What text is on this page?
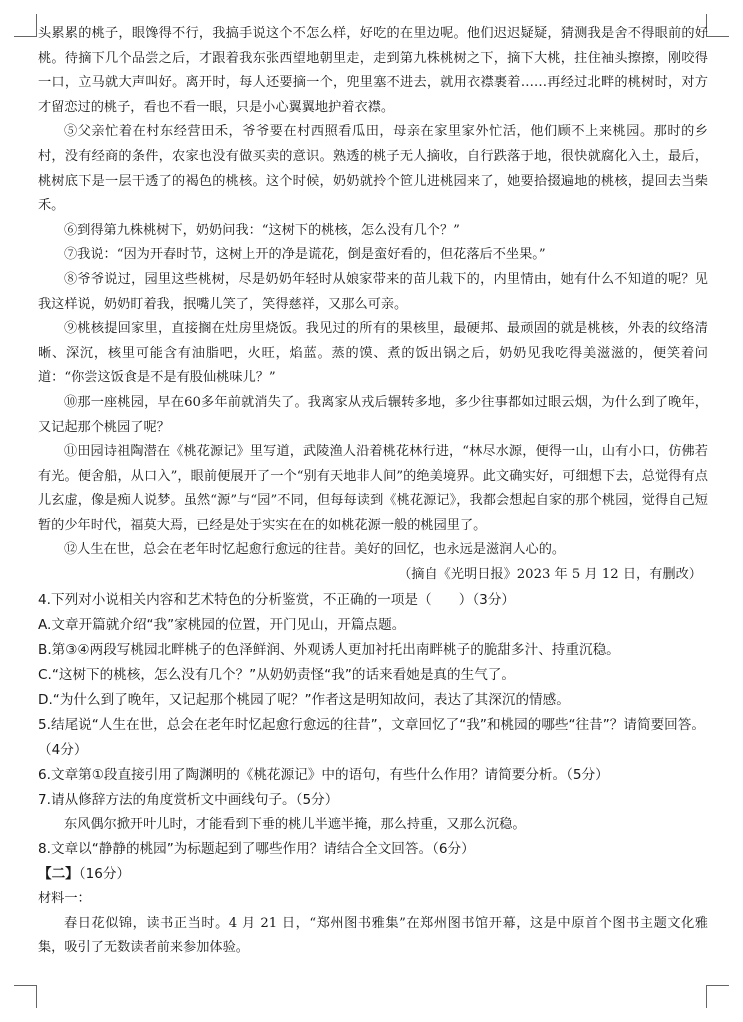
头累累的桃子，眼馋得不行，我搞手说这个不怎么样，好吃的在里边呢。他们迟迟疑疑，猜测我是舍不得眼前的好桃。待摘下几个品尝之后，才跟着我东张西望地朝里走，走到第九株桃树之下，摘下大桃，拄住袖头擦擦，刚咬得一口，立马就大声叫好。离开时，每人还要摘一个，兜里塞不进去，就用衣襟裹着……再经过北畔的桃树时，对方才留恋过的桃子，看也不看一眼，只是小心翼翼地护着衣襟。

⑤父亲忙着在村东经营田禾，爷爷要在村西照看瓜田，母亲在家里家外忙活，他们顾不上来桃园。那时的乡村，没有经商的条件，农家也没有做买卖的意识。熟透的桃子无人摘收，自行跌落于地，很快就腐化入土，最后，桃树底下是一层干透了的褐色的桃核。这个时候，奶奶就拎个笸儿进桃园来了，她要拾掇遍地的桃核，提回去当柴禾。

⑥到得第九株桃树下，奶奶问我：“这树下的桃核，怎么没有几个？”

⑦我说：“因为开春时节，这树上开的净是谎花，倒是蛮好看的，但花落后不坐果。”

⑧爷爷说过，园里这些桃树，尽是奶奶年轻时从娘家带来的苗儿栽下的，内里情由，她有什么不知道的呢？见我这样说，奶奶盯着我，抿嘴儿笑了，笑得慈祥，又那么可亲。

⑨桃核提回家里，直接搁在灶房里烧饭。我见过的所有的果核里，最硬邦、最顽固的就是桃核，外表的纹络清晰、深沉，核里可能含有油脂吧，火旺，焰蓝。蒸的馍、煮的饭出锅之后，奶奶见我吃得美滋滋的，便笑着问道：“你尝这饭食是不是有股仙桃味儿？”

⑩那一座桃园，早在60多年前就消失了。我离家从戎后辗转多地，多少往事都如过眼云烟，为什么到了晚年，又记起那个桃园了呢？

⑪田园诗祖陶潜在《桃花源记》里写道，武陵渔人沿着桃花林行进，“林尽水源，便得一山，山有小口，仿佛若有光。便舍船，从口入”，眼前便展开了一个“别有天地非人间”的绝美境界。此文确实好，可细想下去，总觉得有点儿玄虚，像是痴人说梦。虽然“源”与“园”不同，但每每读到《桃花源记》，我都会想起自家的那个桃园，觉得自己短暂的少年时代，福莫大焉，已经是处于实实在在的如桃花源一般的桃园里了。

⑫人生在世，总会在老年时忆起愈行愈远的往昔。美好的回忆，也永远是滋润人心的。

（摘自《光明日报》2023 年 5 月 12 日，有删改）

4.下列对小说相关内容和艺术特色的分析鉴赏，不正确的一项是（　　）（3分）

A.文章开篇就介绍“我”家桃园的位置，开门见山，开篇点题。

B.第③④两段写桃园北畔桃子的色泽鲜润、外观诱人更加衬托出南畔桃子的脆甜多汁、持重沉稳。

C.“这树下的桃核，怎么没有几个？”从奶奶责怪“我”的话来看她是真的生气了。

D.“为什么到了晚年，又记起那个桃园了呢？”作者这是明知故问，表达了其深沉的情感。

5.结尾说“人生在世，总会在老年时忆起愈行愈远的往昔”，文章回忆了“我”和桃园的哪些“往昔”？请简要回答。（4分）

6.文章第①段直接引用了陶渊明的《桃花源记》中的语句，有些什么作用？请简要分析。（5分）

7.请从修辞方法的角度赏析文中画线句子。（5分）

东风偶尔掀开叶儿时，才能看到下垂的桃儿半遮半掩，那么持重，又那么沉稳。

8.文章以“静静的桃园”为标题起到了哪些作用？请结合全文回答。（6分）

【二】（16分）

材料一：

春日花似锦，读书正当时。4 月 21 日，“郑州图书雅集”在郑州图书馆开幕，这是中原首个图书主题文化雅集，吸引了无数读者前来参加体验。
